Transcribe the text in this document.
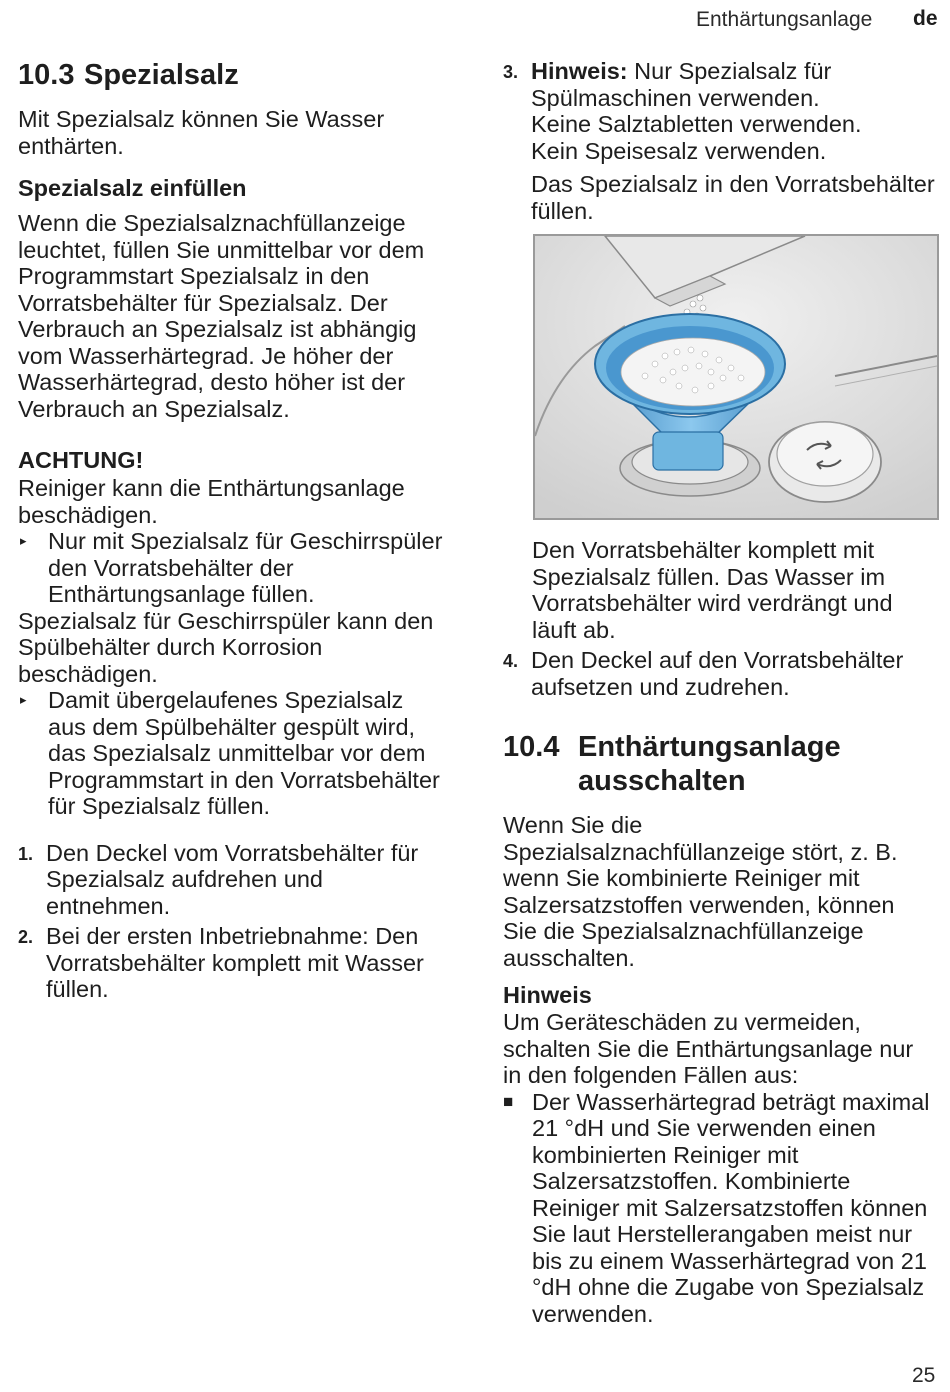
Enthärtungsanlage de
10.3 Spezialsalz

Mit Spezialsalz können Sie Wasser enthärten.

Spezialsalz einfüllen

Wenn die Spezialsalznachfüllanzeige leuchtet, füllen Sie unmittelbar vor dem Programmstart Spezialsalz in den Vorratsbehälter für Spezialsalz. Der Verbrauch an Spezialsalz ist abhängig vom Wasserhärtegrad. Je höher der Wasserhärtegrad, desto höher ist der Verbrauch an Spezialsalz.

ACHTUNG!

Reiniger kann die Enthärtungsanlage beschädigen.

▸ Nur mit Spezialsalz für Geschirrspüler den Vorratsbehälter der Enthärtungsanlage füllen.

Spezialsalz für Geschirrspüler kann den Spülbehälter durch Korrosion beschädigen.

▸ Damit übergelaufenes Spezialsalz aus dem Spülbehälter gespült wird, das Spezialsalz unmittelbar vor dem Programmstart in den Vorratsbehälter für Spezialsalz füllen.
1. Den Deckel vom Vorratsbehälter für Spezialsalz aufdrehen und entnehmen.
2. Bei der ersten Inbetriebnahme: Den Vorratsbehälter komplett mit Wasser füllen.
3. Hinweis: Nur Spezialsalz für Spülmaschinen verwenden.
Keine Salztabletten verwenden.
Kein Speisesalz verwenden.
Das Spezialsalz in den Vorratsbehälter füllen.

Den Vorratsbehälter komplett mit Spezialsalz füllen. Das Wasser im Vorratsbehälter wird verdrängt und läuft ab.

4. Den Deckel auf den Vorratsbehälter aufsetzen und zudrehen.
10.4 Enthärtungsanlage ausschalten

Wenn Sie die Spezialsalznachfüllanzeige stört, z. B. wenn Sie kombinierte Reiniger mit Salzersatzstoffen verwenden, können Sie die Spezialsalznachfüllanzeige ausschalten.

Hinweis

Um Geräteschäden zu vermeiden, schalten Sie die Enthärtungsanlage nur in den folgenden Fällen aus:

■ Der Wasserhärtegrad beträgt maximal 21 °dH und Sie verwenden einen kombinierten Reiniger mit Salzersatzstoffen. Kombinierte Reiniger mit Salzersatzstoffen können Sie laut Herstellerangaben meist nur bis zu einem Wasserhärtegrad von 21 °dH ohne die Zugabe von Spezialsalz verwenden.
25
